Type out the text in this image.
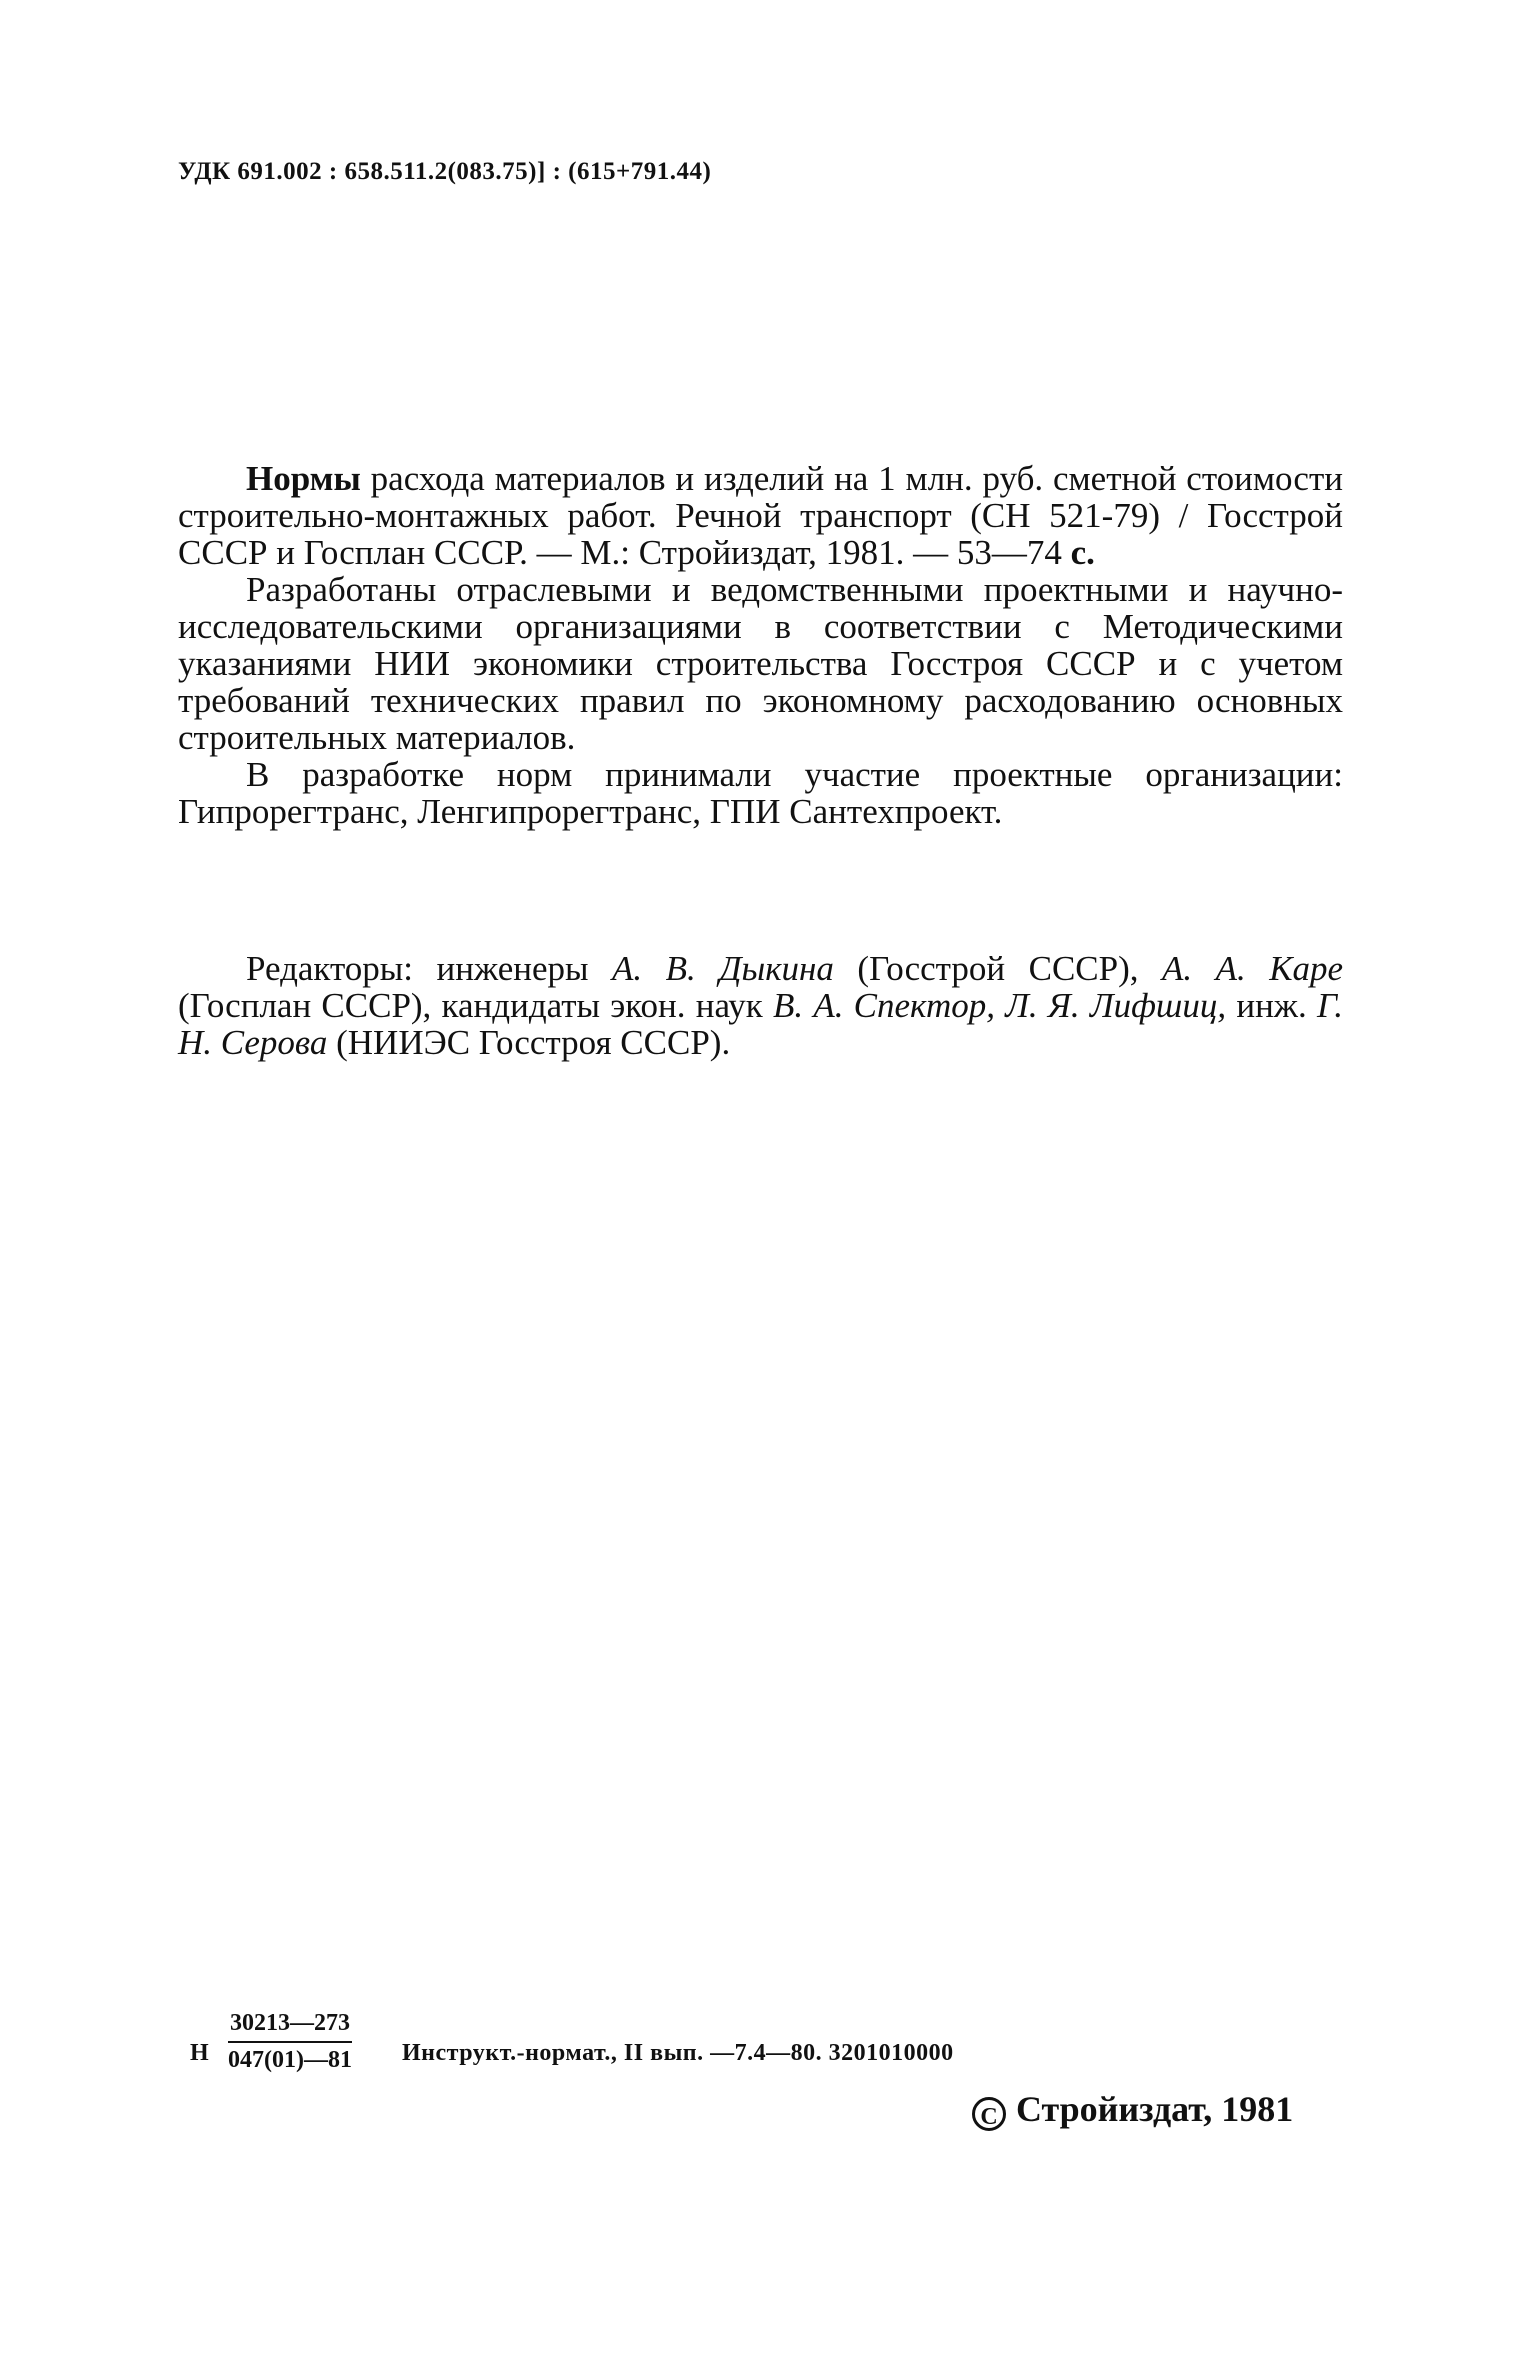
УДК 691.002 : 658.511.2(083.75)] : (615+791.44)

Нормы расхода материалов и изделий на 1 млн. руб. сметной стоимости строительно-монтажных работ. Речной транспорт (СН 521-79) / Госстрой СССР и Госплан СССР. — М.: Стройиздат, 1981. — 53—74 с.

Разработаны отраслевыми и ведомственными проектными и научно-исследовательскими организациями в соответствии с Методическими указаниями НИИ экономики строительства Госстроя СССР и с учетом требований технических правил по экономному расходованию основных строительных материалов.

В разработке норм принимали участие проектные организации: Гипрорегтранс, Ленгипрорегтранс, ГПИ Сантехпроект.

Редакторы: инженеры А. В. Дыкина (Госстрой СССР), А. А. Каре (Госплан СССР), кандидаты экон. наук В. А. Спектор, Л. Я. Лифшиц, инж. Г. Н. Серова (НИИЭС Госстроя СССР).

Н $\frac{30213—273}{047(01)—81}$ Инструкт.-нормат., II вып. —7.4—80. 3201010000
C Стройиздат, 1981
